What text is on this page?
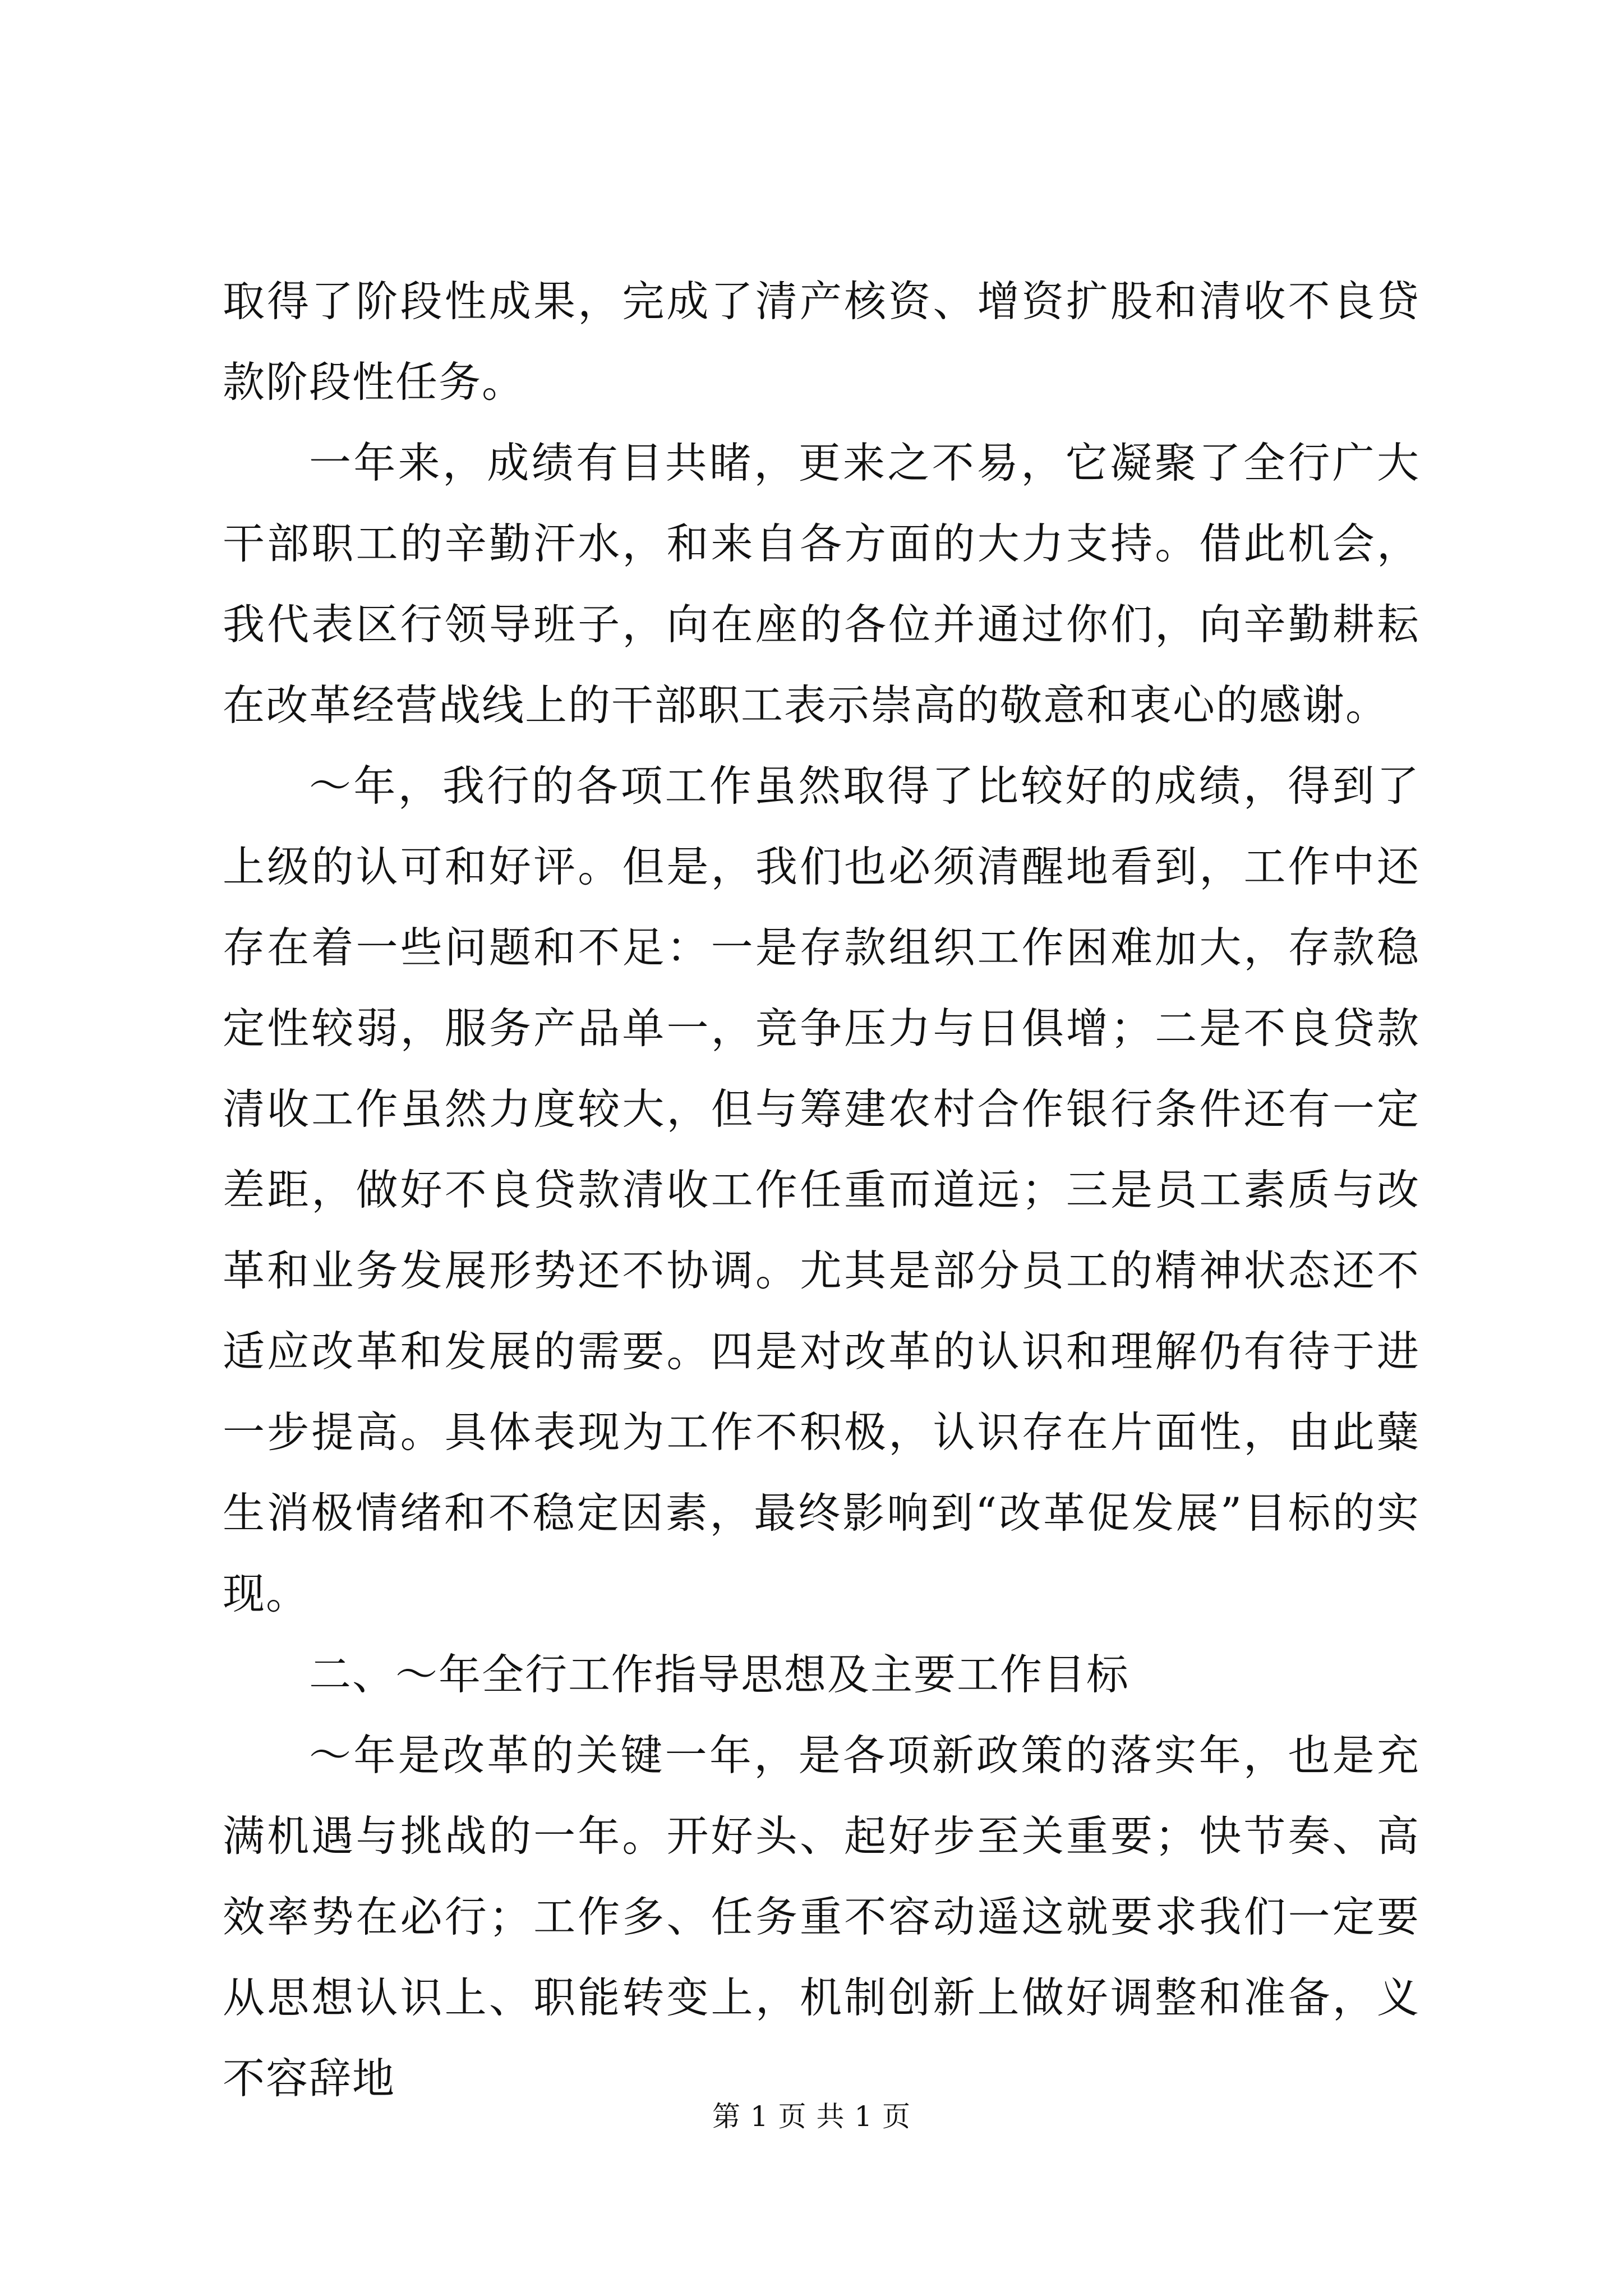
取得了阶段性成果，完成了清产核资、增资扩股和清收不良贷款阶段性任务。

一年来，成绩有目共睹，更来之不易，它凝聚了全行广大干部职工的辛勤汗水，和来自各方面的大力支持。借此机会，我代表区行领导班子，向在座的各位并通过你们，向辛勤耕耘在改革经营战线上的干部职工表示崇高的敬意和衷心的感谢。

～年，我行的各项工作虽然取得了比较好的成绩，得到了上级的认可和好评。但是，我们也必须清醒地看到，工作中还存在着一些问题和不足：一是存款组织工作困难加大，存款稳定性较弱，服务产品单一，竞争压力与日俱增；二是不良贷款清收工作虽然力度较大，但与筹建农村合作银行条件还有一定差距，做好不良贷款清收工作任重而道远；三是员工素质与改革和业务发展形势还不协调。尤其是部分员工的精神状态还不适应改革和发展的需要。四是对改革的认识和理解仍有待于进一步提高。具体表现为工作不积极，认识存在片面性，由此糵生消极情绪和不稳定因素，最终影响到“改革促发展”目标的实现。

二、～年全行工作指导思想及主要工作目标

～年是改革的关键一年，是各项新政策的落实年，也是充满机遇与挑战的一年。开好头、起好步至关重要；快节奏、高效率势在必行；工作多、任务重不容动遥这就要求我们一定要从思想认识上、职能转变上，机制创新上做好调整和准备，义不容辞地

第 1 页 共 1 页
